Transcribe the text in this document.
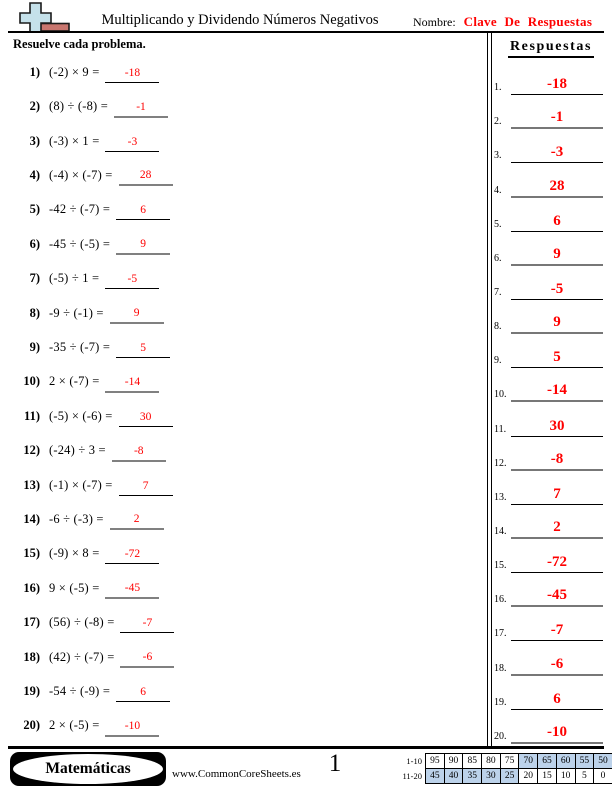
Multiplicando y Dividendo Números Negativos	Nombre: Clave De Respuestas
Resuelve cada problema.
1) (-2) × 9 =	-18
2) (8) ÷ (-8) =	-1
3) (-3) × 1 =	-3
4) (-4) × (-7) =	28
5) -42 ÷ (-7) =	6
6) -45 ÷ (-5) =	9
7) (-5) ÷ 1 =	-5
8) -9 ÷ (-1) =	9
9) -35 ÷ (-7) =	5
10) 2 × (-7) =	-14
11) (-5) × (-6) =	30
12) (-24) ÷ 3 =	-8
13) (-1) × (-7) =	7
14) -6 ÷ (-3) =	2
15) (-9) × 8 =	-72
16) 9 × (-5) =	-45
17) (56) ÷ (-8) =	-7
18) (42) ÷ (-7) =	-6
19) -54 ÷ (-9) =	6
20) 2 × (-5) =	-10
Respuestas
1.	-18
2.	-1
3.	-3
4.	28
5.	6
6.	9
7.	-5
8.	9
9.	5
10.	-14
11.	30
12.	-8
13.	7
14.	2
15.	-72
16.	-45
17.	-7
18.	-6
19.	6
20.	-10
Matemáticas	www.CommonCoreSheets.es	1	1-10 95 90 85 80 75 70 65 60 55 50
11-20 45 40 35 30 25 20 15 10	5	0
